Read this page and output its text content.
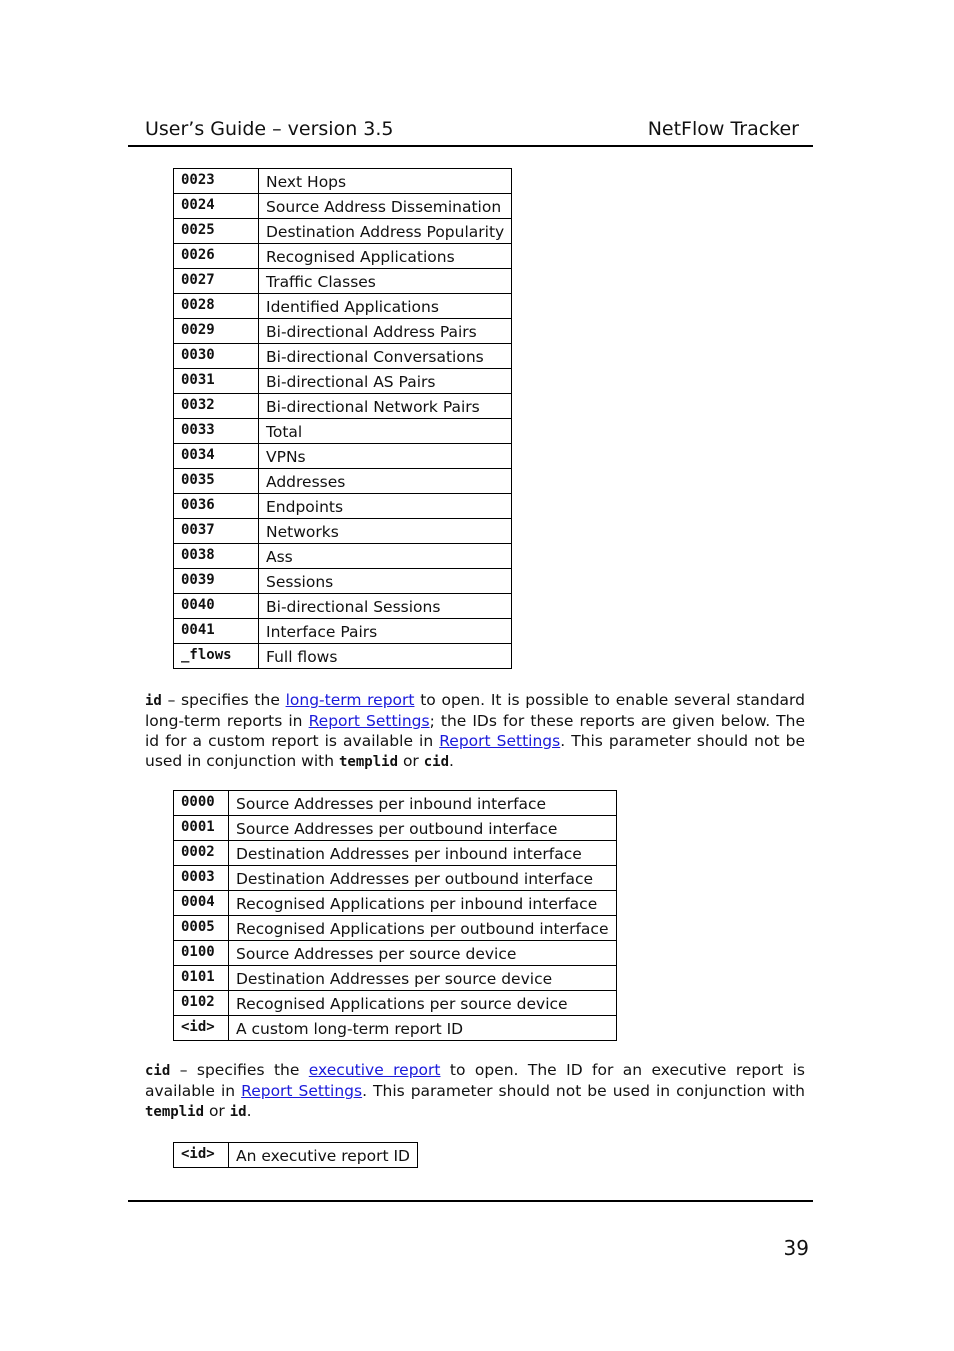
User’s Guide – version 3.5	NetFlow Tracker
0023	Next Hops
0024	Source Address Dissemination
0025	Destination Address Popularity
0026	Recognised Applications
0027	Traffic Classes
0028	Identified Applications
0029	Bi-directional Address Pairs
0030	Bi-directional Conversations
0031	Bi-directional AS Pairs
0032	Bi-directional Network Pairs
0033	Total
0034	VPNs
0035	Addresses
0036	Endpoints
0037	Networks
0038	Ass
0039	Sessions
0040	Bi-directional Sessions
0041	Interface Pairs
_flows	Full flows
id – specifies the long-term report to open. It is possible to enable several standard long-term reports in Report Settings; the IDs for these reports are given below. The id for a custom report is available in Report Settings. This parameter should not be used in conjunction with templid or cid.
0000	Source Addresses per inbound interface
0001	Source Addresses per outbound interface
0002	Destination Addresses per inbound interface
0003	Destination Addresses per outbound interface
0004	Recognised Applications per inbound interface
0005	Recognised Applications per outbound interface
0100	Source Addresses per source device
0101	Destination Addresses per source device
0102	Recognised Applications per source device
<id>	A custom long-term report ID
cid – specifies the executive report to open. The ID for an executive report is available in Report Settings. This parameter should not be used in conjunction with templid or id.
<id>	An executive report ID
39
